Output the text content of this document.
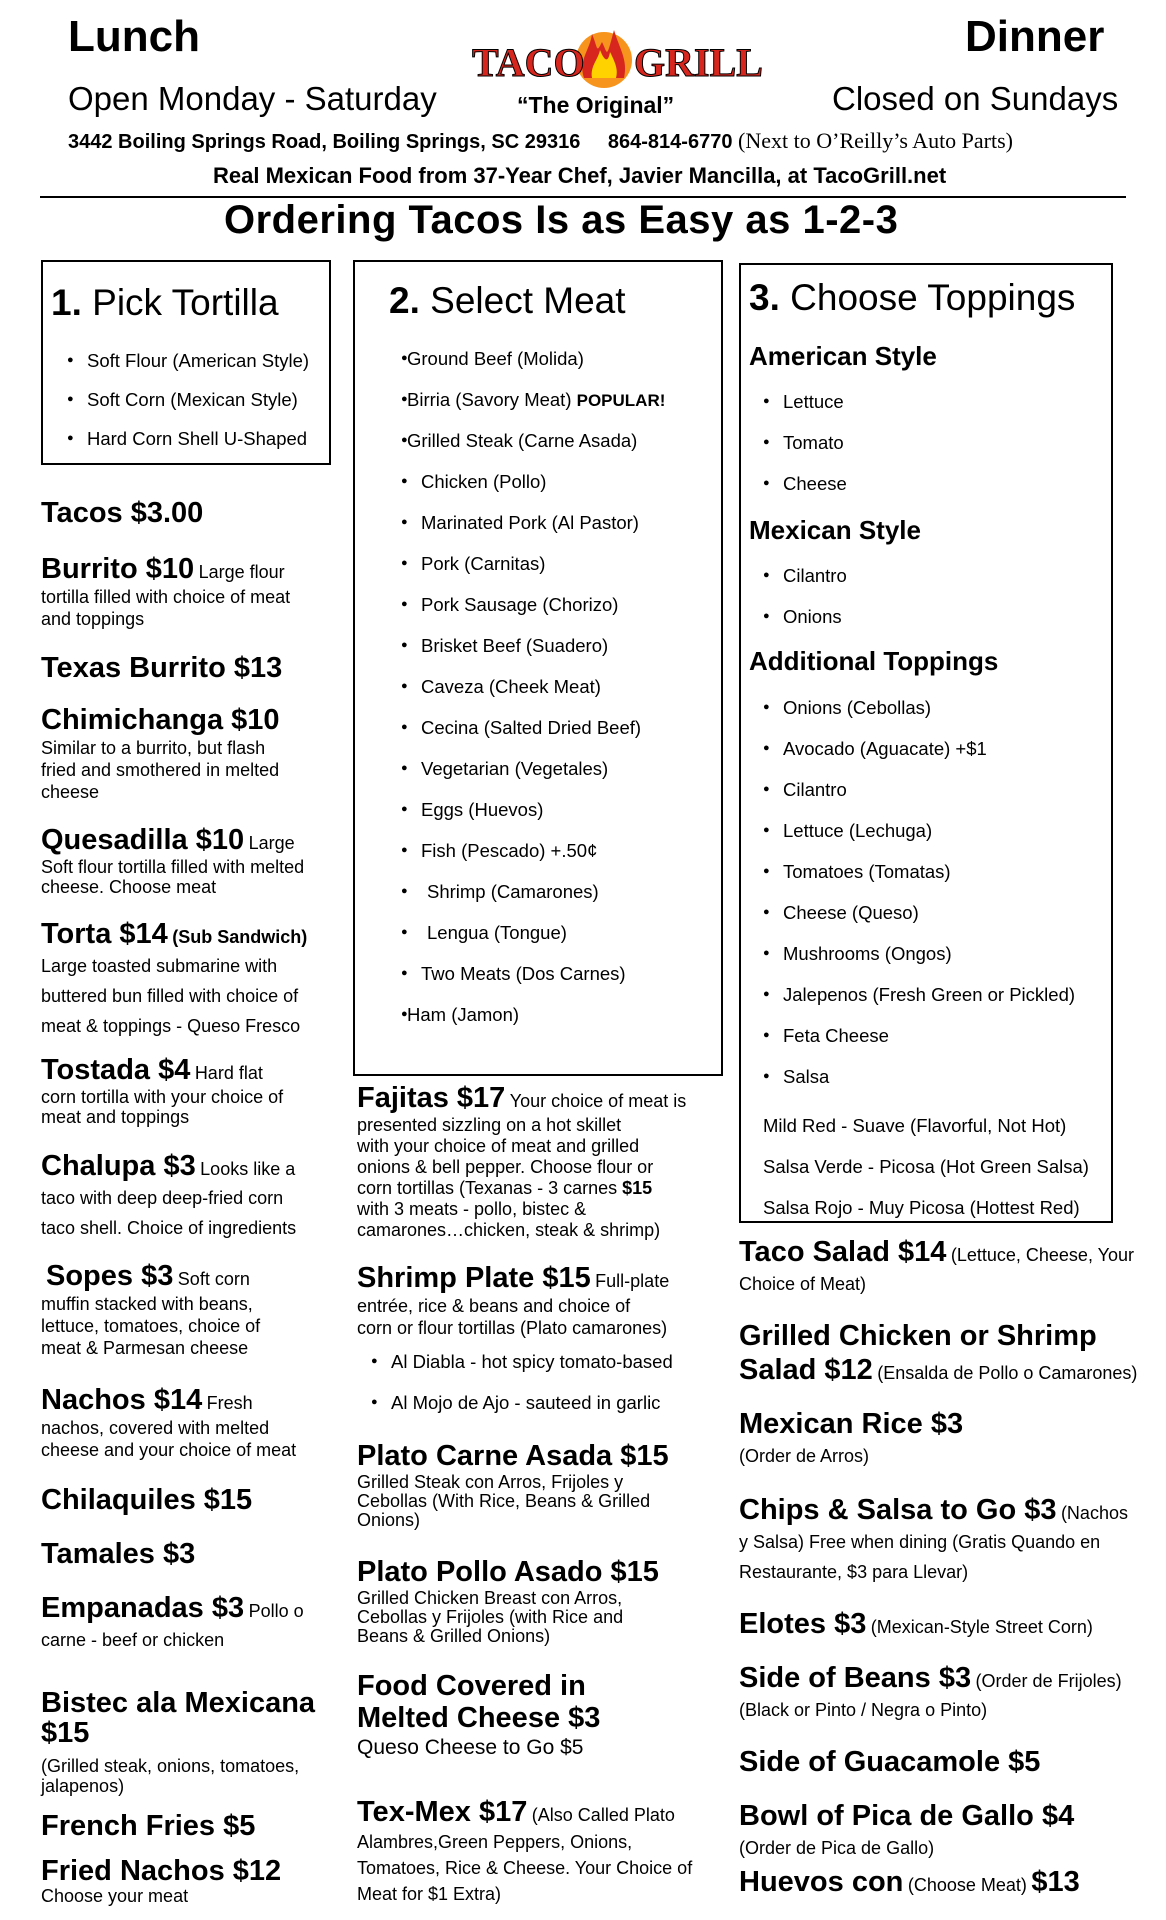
Lunch	Dinner
TACO GRILL
Open Monday - Saturday	“The Original”	Closed on Sundays
3442 Boiling Springs Road, Boiling Springs, SC 29316 864-814-6770 (Next to O’Reilly’s Auto Parts)
Real Mexican Food from 37-Year Chef, Javier Mancilla, at TacoGrill.net
Ordering Tacos Is as Easy as 1-2-3
1. Pick Tortilla
● Soft Flour (American Style)
● Soft Corn (Mexican Style)
● Hard Corn Shell U-Shaped
2. Select Meat
● Ground Beef (Molida)
● Birria (Savory Meat) POPULAR!
● Grilled Steak (Carne Asada)
● Chicken (Pollo)
● Marinated Pork (Al Pastor)
● Pork (Carnitas)
● Pork Sausage (Chorizo)
● Brisket Beef (Suadero)
● Caveza (Cheek Meat)
● Cecina (Salted Dried Beef)
● Vegetarian (Vegetales)
● Eggs (Huevos)
● Fish (Pescado) +.50¢
● Shrimp (Camarones)
● Lengua (Tongue)
● Two Meats (Dos Carnes)
● Ham (Jamon)
3. Choose Toppings
American Style
● Lettuce
● Tomato
● Cheese
Mexican Style
● Cilantro
● Onions
Additional Toppings
● Onions (Cebollas)
● Avocado (Aguacate) +$1
● Cilantro
● Lettuce (Lechuga)
● Tomatoes (Tomatas)
● Cheese (Queso)
● Mushrooms (Ongos)
● Jalepenos (Fresh Green or Pickled)
● Feta Cheese
● Salsa
Mild Red - Suave (Flavorful, Not Hot)
Salsa Verde - Picosa (Hot Green Salsa)
Salsa Rojo - Muy Picosa (Hottest Red)
Tacos $3.00
Burrito $10 Large flour
tortilla filled with choice of meat
and toppings
Texas Burrito $13
Chimichanga $10
Similar to a burrito, but flash
fried and smothered in melted
cheese
Quesadilla $10 Large
Soft flour tortilla filled with melted
cheese. Choose meat
Torta $14 (Sub Sandwich)
Large toasted submarine with
buttered bun filled with choice of
meat & toppings - Queso Fresco
Tostada $4 Hard flat
corn tortilla with your choice of
meat and toppings
Chalupa $3 Looks like a
taco with deep deep-fried corn
taco shell. Choice of ingredients
Sopes $3 Soft corn
muffin stacked with beans,
lettuce, tomatoes, choice of
meat & Parmesan cheese
Nachos $14 Fresh
nachos, covered with melted
cheese and your choice of meat
Chilaquiles $15
Tamales $3
Empanadas $3 Pollo o
carne - beef or chicken
Bistec ala Mexicana
$15
(Grilled steak, onions, tomatoes,
jalapenos)
French Fries $5
Fried Nachos $12
Choose your meat
Fajitas $17 Your choice of meat is
presented sizzling on a hot skillet
with your choice of meat and grilled
onions & bell pepper. Choose flour or
corn tortillas (Texanas - 3 carnes $15
with 3 meats - pollo, bistec &
camarones…chicken, steak & shrimp)
Shrimp Plate $15 Full-plate
entrée, rice & beans and choice of
corn or flour tortillas (Plato camarones)
● Al Diabla - hot spicy tomato-based
● Al Mojo de Ajo - sauteed in garlic
Plato Carne Asada $15
Grilled Steak con Arros, Frijoles y
Cebollas (With Rice, Beans & Grilled
Onions)
Plato Pollo Asado $15
Grilled Chicken Breast con Arros,
Cebollas y Frijoles (with Rice and
Beans & Grilled Onions)
Food Covered in
Melted Cheese $3
Queso Cheese to Go $5
Tex-Mex $17 (Also Called Plato
Alambres,Green Peppers, Onions,
Tomatoes, Rice & Cheese. Your Choice of
Meat for $1 Extra)
Taco Salad $14 (Lettuce, Cheese, Your
Choice of Meat)
Grilled Chicken or Shrimp
Salad $12 (Ensalda de Pollo o Camarones)
Mexican Rice $3
(Order de Arros)
Chips & Salsa to Go $3 (Nachos
y Salsa) Free when dining (Gratis Quando en
Restaurante, $3 para Llevar)
Elotes $3 (Mexican-Style Street Corn)
Side of Beans $3 (Order de Frijoles)
(Black or Pinto / Negra o Pinto)
Side of Guacamole $5
Bowl of Pica de Gallo $4
(Order de Pica de Gallo)
Huevos con (Choose Meat) $13
